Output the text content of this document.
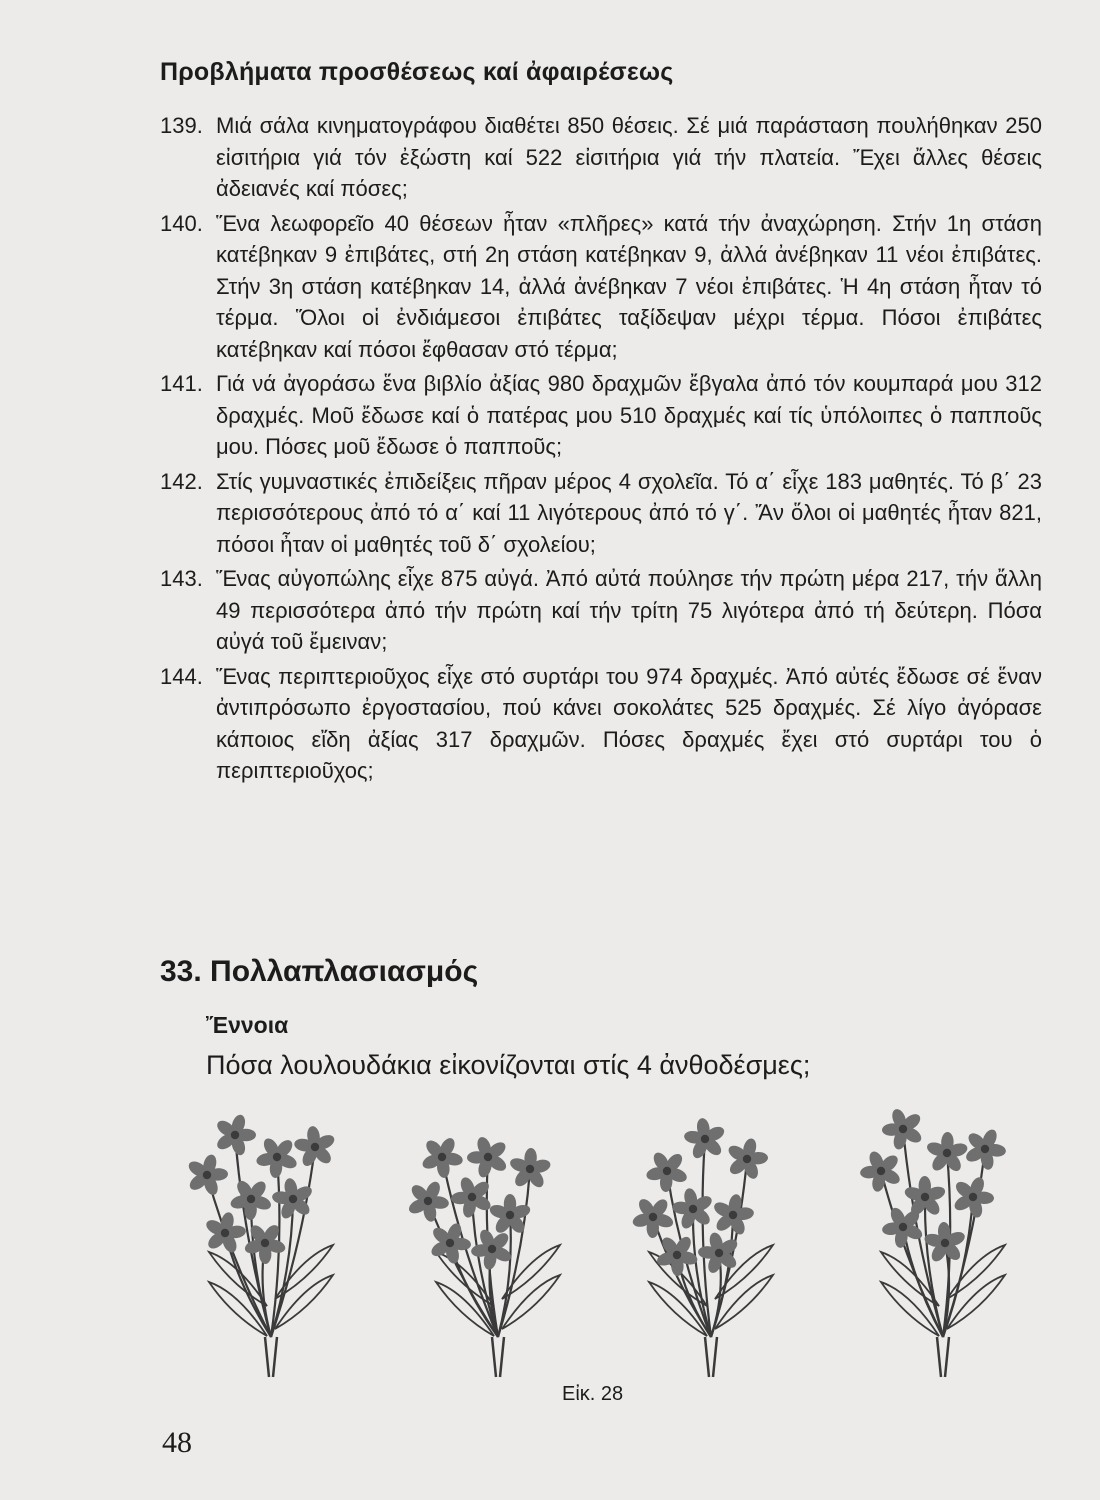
Προβλήματα προσθέσεως καί ἀφαιρέσεως
139. Μιά σάλα κινηματογράφου διαθέτει 850 θέσεις. Σέ μιά παράσταση πουλήθηκαν 250 εἰσιτήρια γιά τόν ἐξώστη καί 522 εἰσιτήρια γιά τήν πλατεία. Ἔχει ἄλλες θέσεις ἀδειανές καί πόσες;
140. Ἕνα λεωφορεῖο 40 θέσεων ἦταν «πλῆρες» κατά τήν ἀναχώρηση. Στήν 1η στάση κατέβηκαν 9 ἐπιβάτες, στή 2η στάση κατέβηκαν 9, ἀλλά ἀνέβηκαν 11 νέοι ἐπιβάτες. Στήν 3η στάση κατέβηκαν 14, ἀλλά ἀνέβηκαν 7 νέοι ἐπιβάτες. Ἡ 4η στάση ἦταν τό τέρμα. Ὅλοι οἱ ἐνδιάμεσοι ἐπιβάτες ταξίδεψαν μέχρι τέρμα. Πόσοι ἐπιβάτες κατέβηκαν καί πόσοι ἔφθασαν στό τέρμα;
141. Γιά νά ἀγοράσω ἕνα βιβλίο ἀξίας 980 δραχμῶν ἔβγαλα ἀπό τόν κουμπαρά μου 312 δραχμές. Μοῦ ἔδωσε καί ὁ πατέρας μου 510 δραχμές καί τίς ὑπόλοιπες ὁ παπποῦς μου. Πόσες μοῦ ἔδωσε ὁ παπποῦς;
142. Στίς γυμναστικές ἐπιδείξεις πῆραν μέρος 4 σχολεῖα. Τό α΄ εἶχε 183 μαθητές. Τό β΄ 23 περισσότερους ἀπό τό α΄ καί 11 λιγότερους ἀπό τό γ΄. Ἄν ὅλοι οἱ μαθητές ἦταν 821, πόσοι ἦταν οἱ μαθητές τοῦ δ΄ σχολείου;
143. Ἕνας αὐγοπώλης εἶχε 875 αὐγά. Ἀπό αὐτά πούλησε τήν πρώτη μέρα 217, τήν ἄλλη 49 περισσότερα ἀπό τήν πρώτη καί τήν τρίτη 75 λιγότερα ἀπό τή δεύτερη. Πόσα αὐγά τοῦ ἔμειναν;
144. Ἕνας περιπτεριοῦχος εἶχε στό συρτάρι του 974 δραχμές. Ἀπό αὐτές ἔδωσε σέ ἕναν ἀντιπρόσωπο ἐργοστασίου, πού κάνει σοκολάτες 525 δραχμές. Σέ λίγο ἀγόρασε κάποιος εἴδη ἀξίας 317 δραχμῶν. Πόσες δραχμές ἔχει στό συρτάρι του ὁ περιπτεριοῦχος;
33. Πολλαπλασιασμός
Ἔννοια
Πόσα λουλουδάκια εἰκονίζονται στίς 4 ἀνθοδέσμες;
Εἰκ. 28
48
